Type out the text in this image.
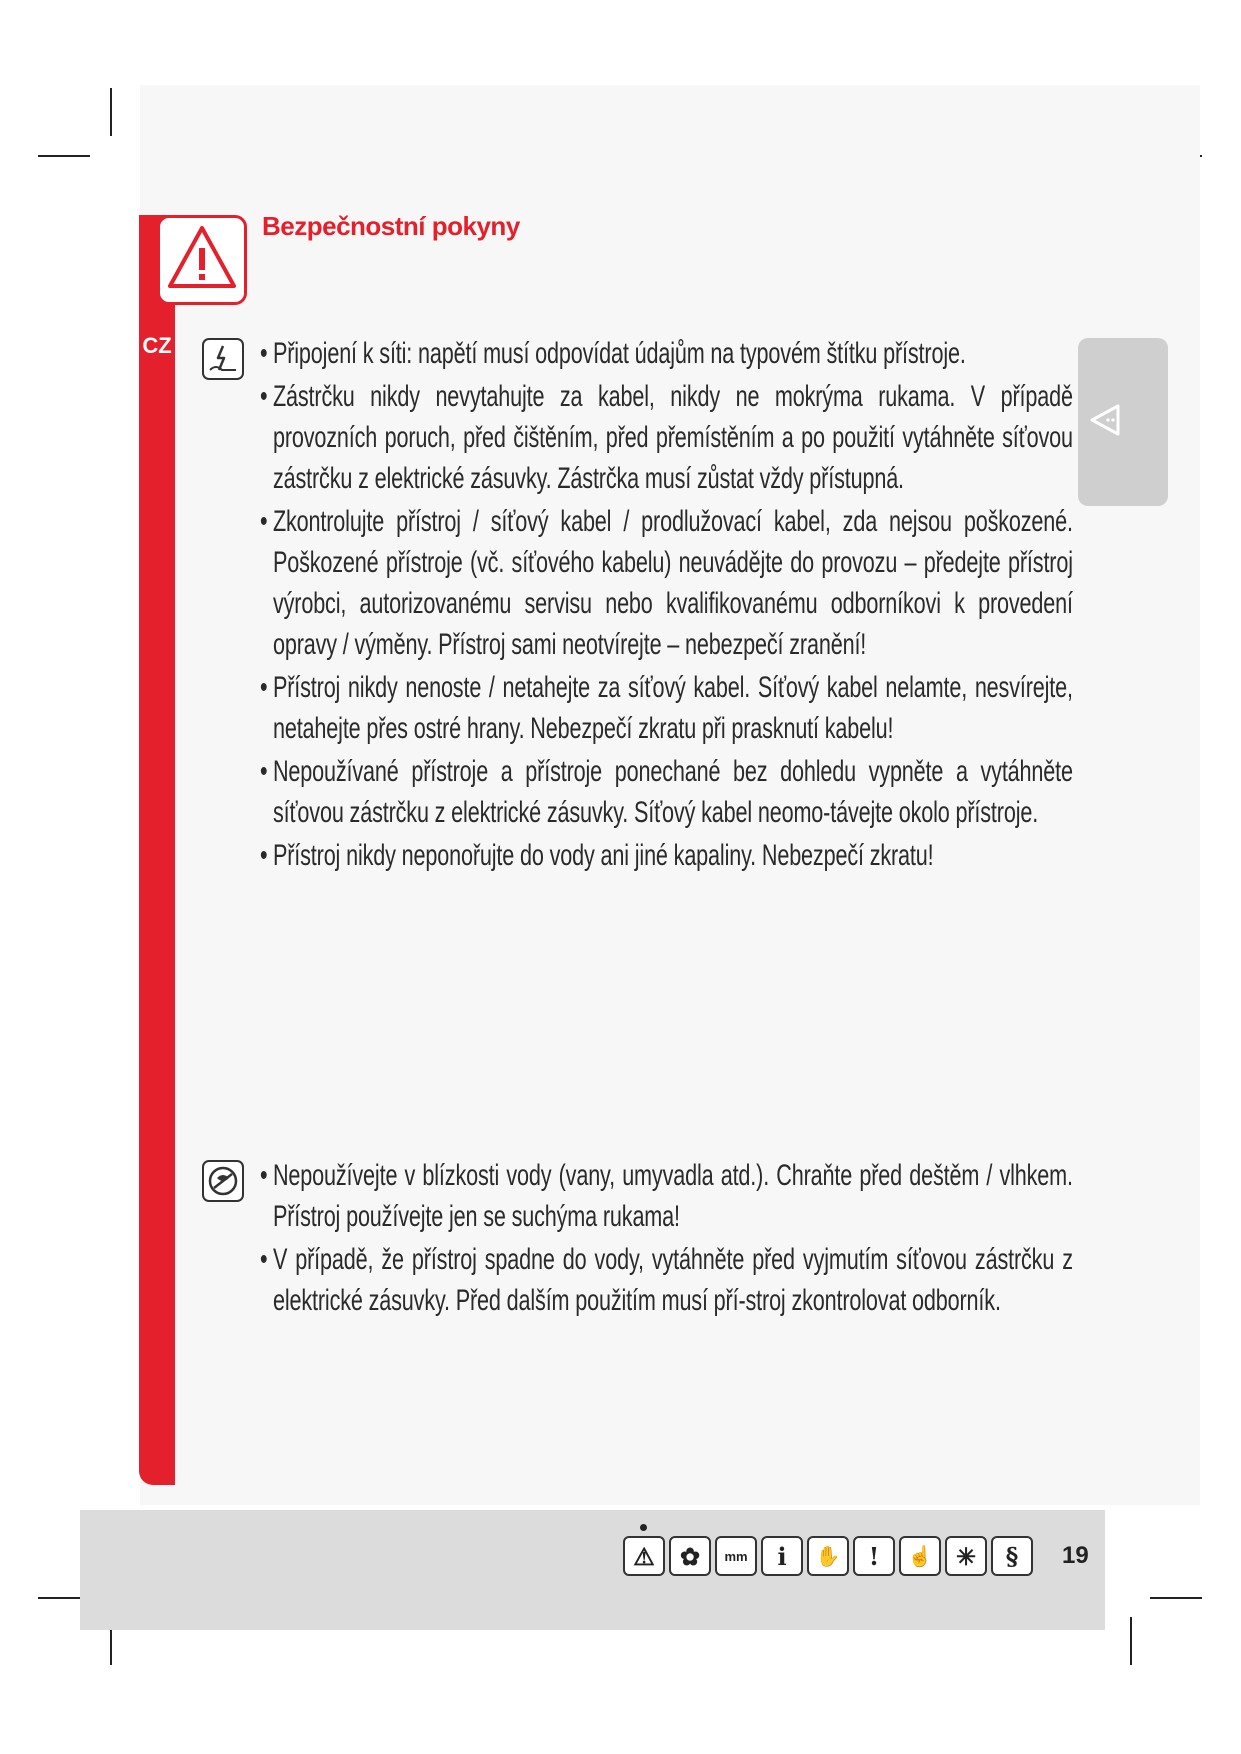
CZ
Bezpečnostní pokyny
• Připojení k síti: napětí musí odpovídat údajům na typovém štítku přístroje.
• Zástrčku nikdy nevytahujte za kabel, nikdy ne mokrýma rukama. V případě provozních poruch, před čištěním, před přemístěním a po použití vytáhněte síťovou zástrčku z elektrické zásuvky. Zástrčka musí zůstat vždy přístupná.
• Zkontrolujte přístroj / síťový kabel / prodlužovací kabel, zda nejsou poškozené. Poškozené přístroje (vč. síťového kabelu) neuvádějte do provozu – předejte přístroj výrobci, autorizovanému servisu nebo kvalifikovanému odborníkovi k provedení opravy / výměny. Přístroj sami neotvírejte – nebezpečí zranění!
• Přístroj nikdy nenoste / netahejte za síťový kabel. Síťový kabel nelamte, nesvírejte, netahejte přes ostré hrany. Nebezpečí zkratu při prasknutí kabelu!
• Nepoužívané přístroje a přístroje ponechané bez dohledu vypněte a vytáhněte síťovou zástrčku z elektrické zásuvky. Síťový kabel neomo-távejte okolo přístroje.
• Přístroj nikdy neponořujte do vody ani jiné kapaliny. Nebezpečí zkratu!
• Nepoužívejte v blízkosti vody (vany, umyvadla atd.). Chraňte před deštěm / vlhkem. Přístroj používejte jen se suchýma rukama!
• V případě, že přístroj spadne do vody, vytáhněte před vyjmutím síťovou zástrčku z elektrické zásuvky. Před dalším použitím musí pří-stroj zkontrolovat odborník.
⚠	✿	mm	i	✋	!	☝ ✳	§	19
